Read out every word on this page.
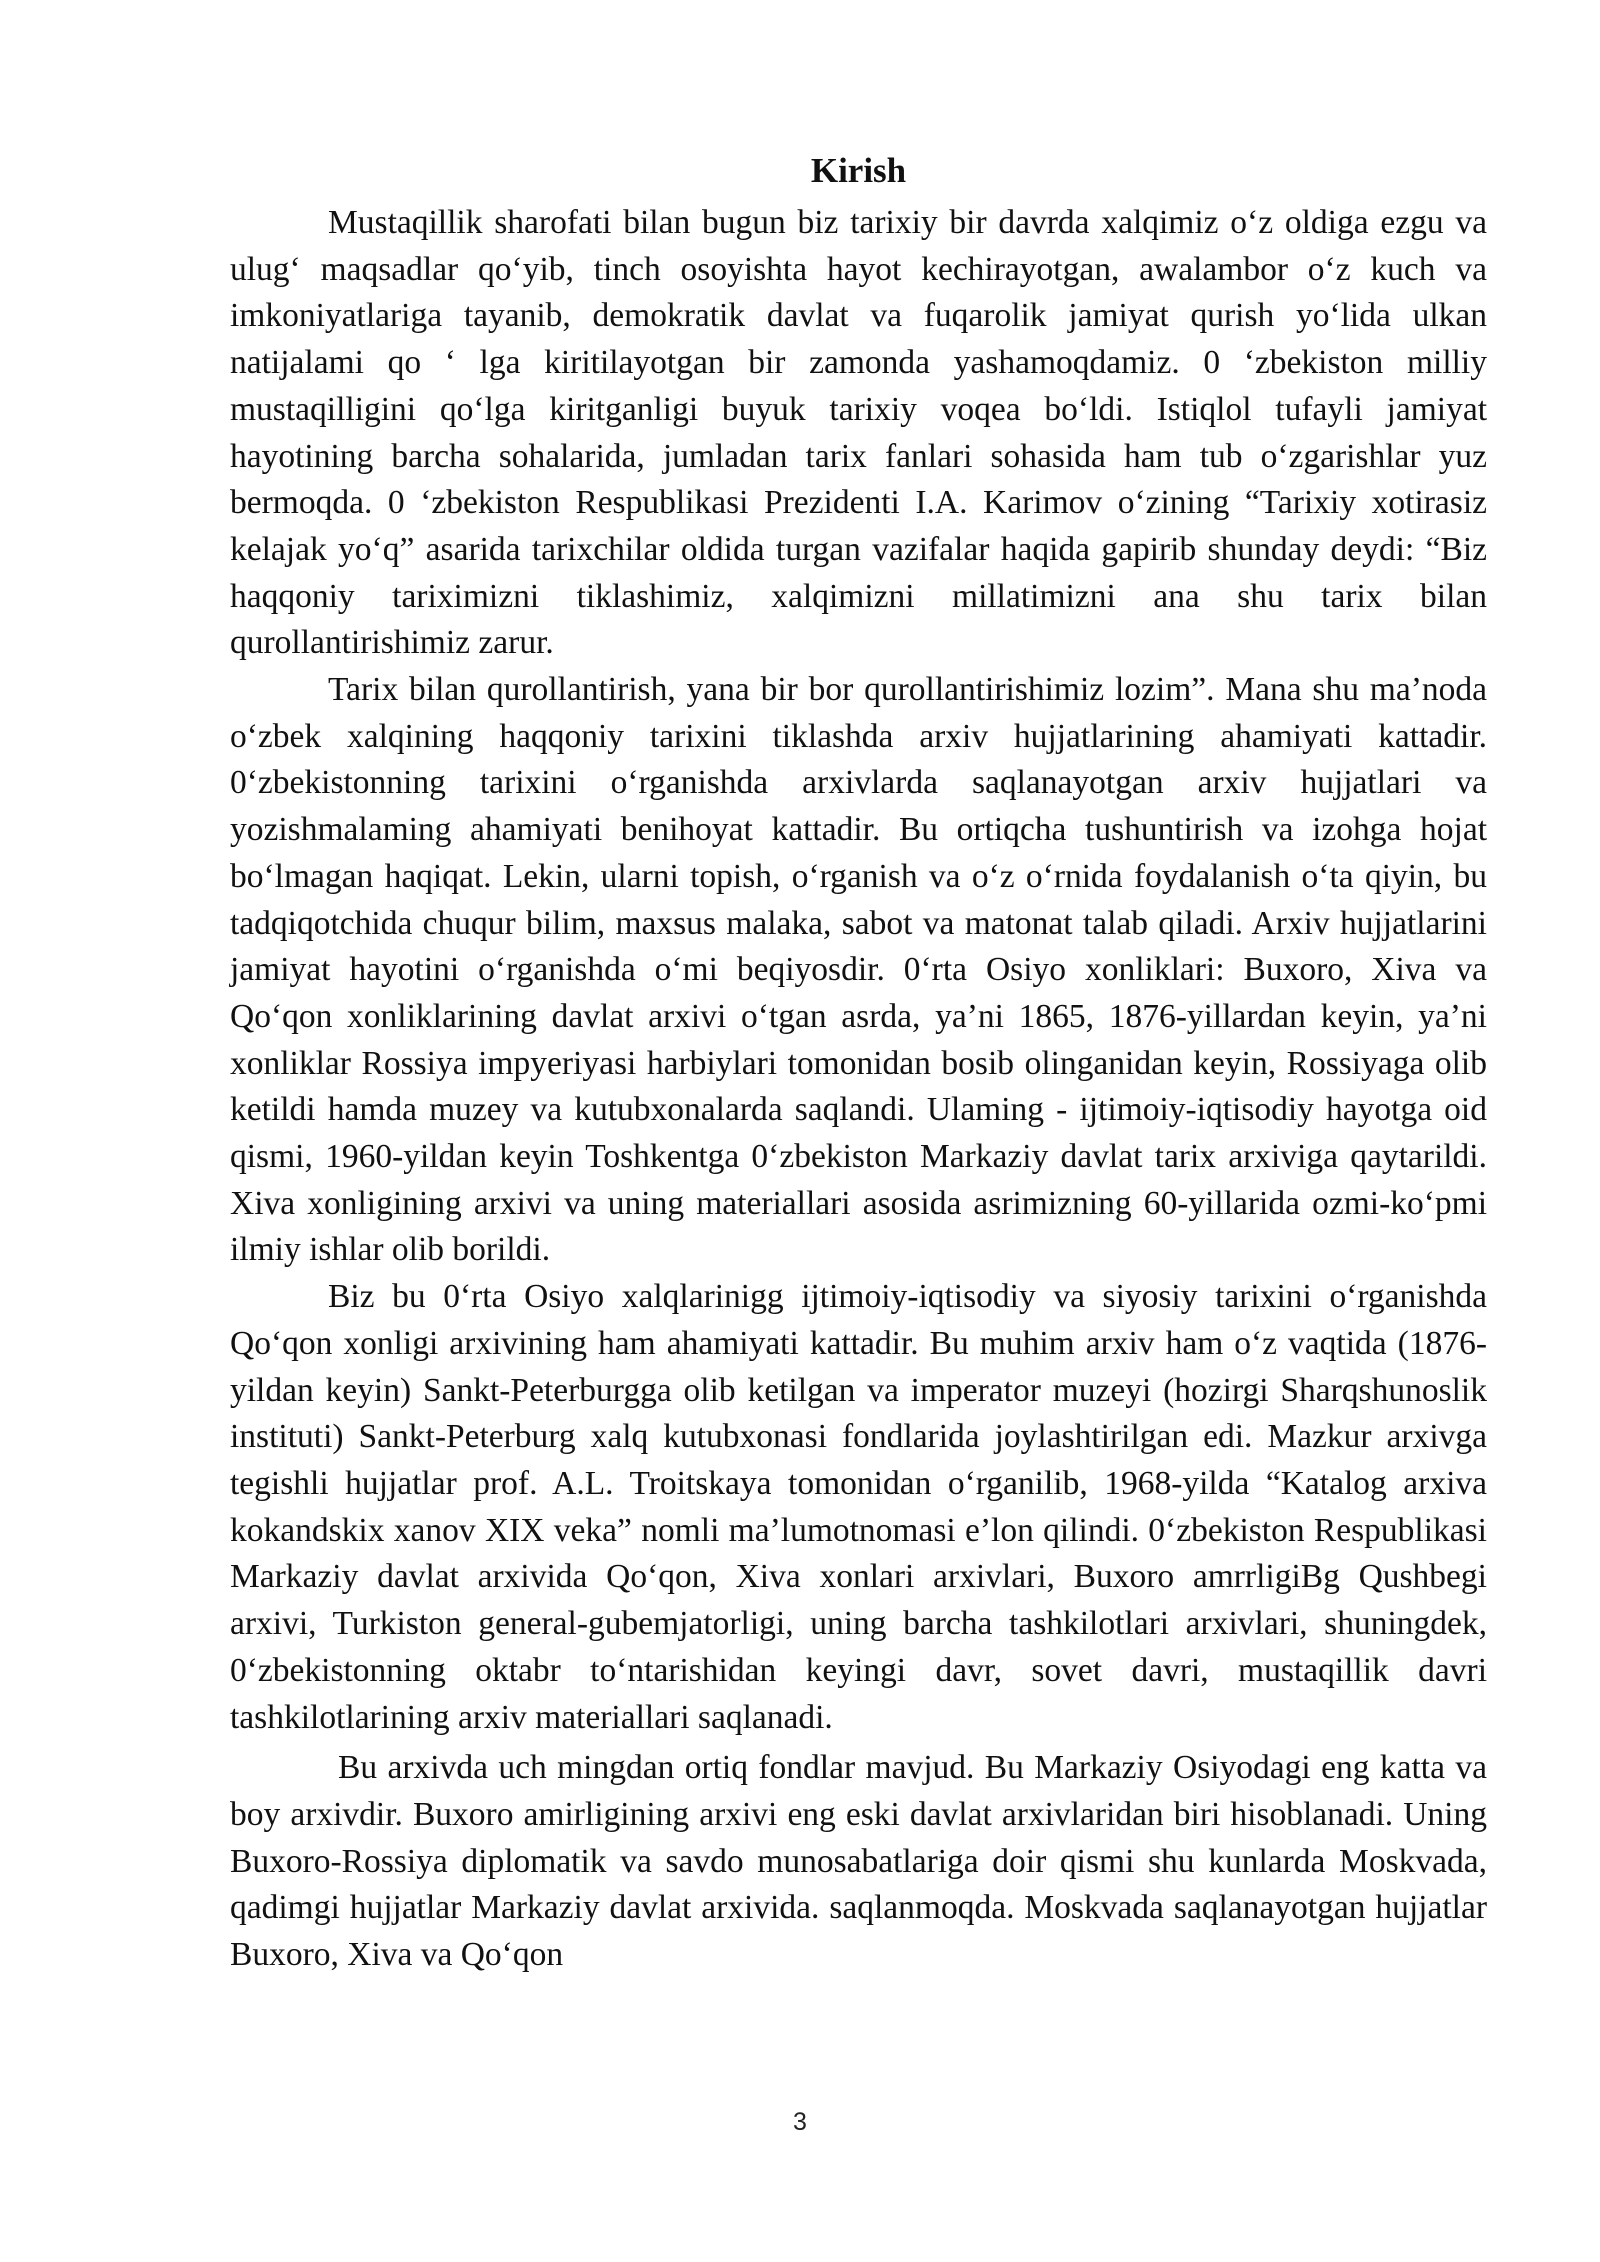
Kirish

Mustaqillik sharofati bilan bugun biz tarixiy bir davrda xalqimiz o‘z oldiga ezgu va ulug‘ maqsadlar qo‘yib, tinch osoyishta hayot kechirayotgan, awalambor o‘z kuch va imkoniyatlariga tayanib, demokratik davlat va fuqarolik jamiyat qurish yo‘lida ulkan natijalami qo ‘ lga kiritilayotgan bir zamonda yashamoqdamiz. 0 ‘zbekiston milliy mustaqilligini qo‘lga kiritganligi buyuk tarixiy voqea bo‘ldi. Istiqlol tufayli jamiyat hayotining barcha sohalarida, jumladan tarix fanlari sohasida ham tub o‘zgarishlar yuz bermoqda. 0 ‘zbekiston Respublikasi Prezidenti I.A. Karimov o‘zining “Tarixiy xotirasiz kelajak yo‘q” asarida tarixchilar oldida turgan vazifalar haqida gapirib shunday deydi: “Biz haqqoniy tariximizni tiklashimiz, xalqimizni millatimizni ana shu tarix bilan qurollantirishimiz zarur.

Tarix bilan qurollantirish, yana bir bor qurollantirishimiz lozim”. Mana shu ma’noda o‘zbek xalqining haqqoniy tarixini tiklashda arxiv hujjatlarining ahamiyati kattadir. 0‘zbekistonning tarixini o‘rganishda arxivlarda saqlanayotgan arxiv hujjatlari va yozishmalaming ahamiyati benihoyat kattadir. Bu ortiqcha tushuntirish va izohga hojat bo‘lmagan haqiqat. Lekin, ularni topish, o‘rganish va o‘z o‘rnida foydalanish o‘ta qiyin, bu tadqiqotchida chuqur bilim, maxsus malaka, sabot va matonat talab qiladi. Arxiv hujjatlarini jamiyat hayotini o‘rganishda o‘mi beqiyosdir. 0‘rta Osiyo xonliklari: Buxoro, Xiva va Qo‘qon xonliklarining davlat arxivi o‘tgan asrda, ya’ni 1865, 1876-yillardan keyin, ya’ni xonliklar Rossiya impyeriyasi harbiylari tomonidan bosib olinganidan keyin, Rossiyaga olib ketildi hamda muzey va kutubxonalarda saqlandi. Ulaming - ijtimoiy-iqtisodiy hayotga oid qismi, 1960-yildan keyin Toshkentga 0‘zbekiston Markaziy davlat tarix arxiviga qaytarildi. Xiva xonligining arxivi va uning materiallari asosida asrimizning 60-yillarida ozmi-ko‘pmi ilmiy ishlar olib borildi.

Biz bu 0‘rta Osiyo xalqlarinigg ijtimoiy-iqtisodiy va siyosiy tarixini o‘rganishda Qo‘qon xonligi arxivining ham ahamiyati kattadir. Bu muhim arxiv ham o‘z vaqtida (1876-yildan keyin) Sankt-Peterburgga olib ketilgan va imperator muzeyi (hozirgi Sharqshunoslik instituti) Sankt-Peterburg xalq kutubxonasi fondlarida joylashtirilgan edi. Mazkur arxivga tegishli hujjatlar prof. A.L. Troitskaya tomonidan o‘rganilib, 1968-yilda “Katalog arxiva kokandskix xanov XIX veka” nomli ma’lumotnomasi e’lon qilindi. 0‘zbekiston Respublikasi Markaziy davlat arxivida Qo‘qon, Xiva xonlari arxivlari, Buxoro amrrligiBg Qushbegi arxivi, Turkiston general-gubemjatorligi, uning barcha tashkilotlari arxivlari, shuningdek, 0‘zbekistonning oktabr to‘ntarishidan keyingi davr, sovet davri, mustaqillik davri tashkilotlarining arxiv materiallari saqlanadi.

Bu arxivda uch mingdan ortiq fondlar mavjud. Bu Markaziy Osiyodagi eng katta va boy arxivdir. Buxoro amirligining arxivi eng eski davlat arxivlaridan biri hisoblanadi. Uning Buxoro-Rossiya diplomatik va savdo munosabatlariga doir qismi shu kunlarda Moskvada, qadimgi hujjatlar Markaziy davlat arxivida. saqlanmoqda. Moskvada saqlanayotgan hujjatlar Buxoro, Xiva va Qo‘qon

3
